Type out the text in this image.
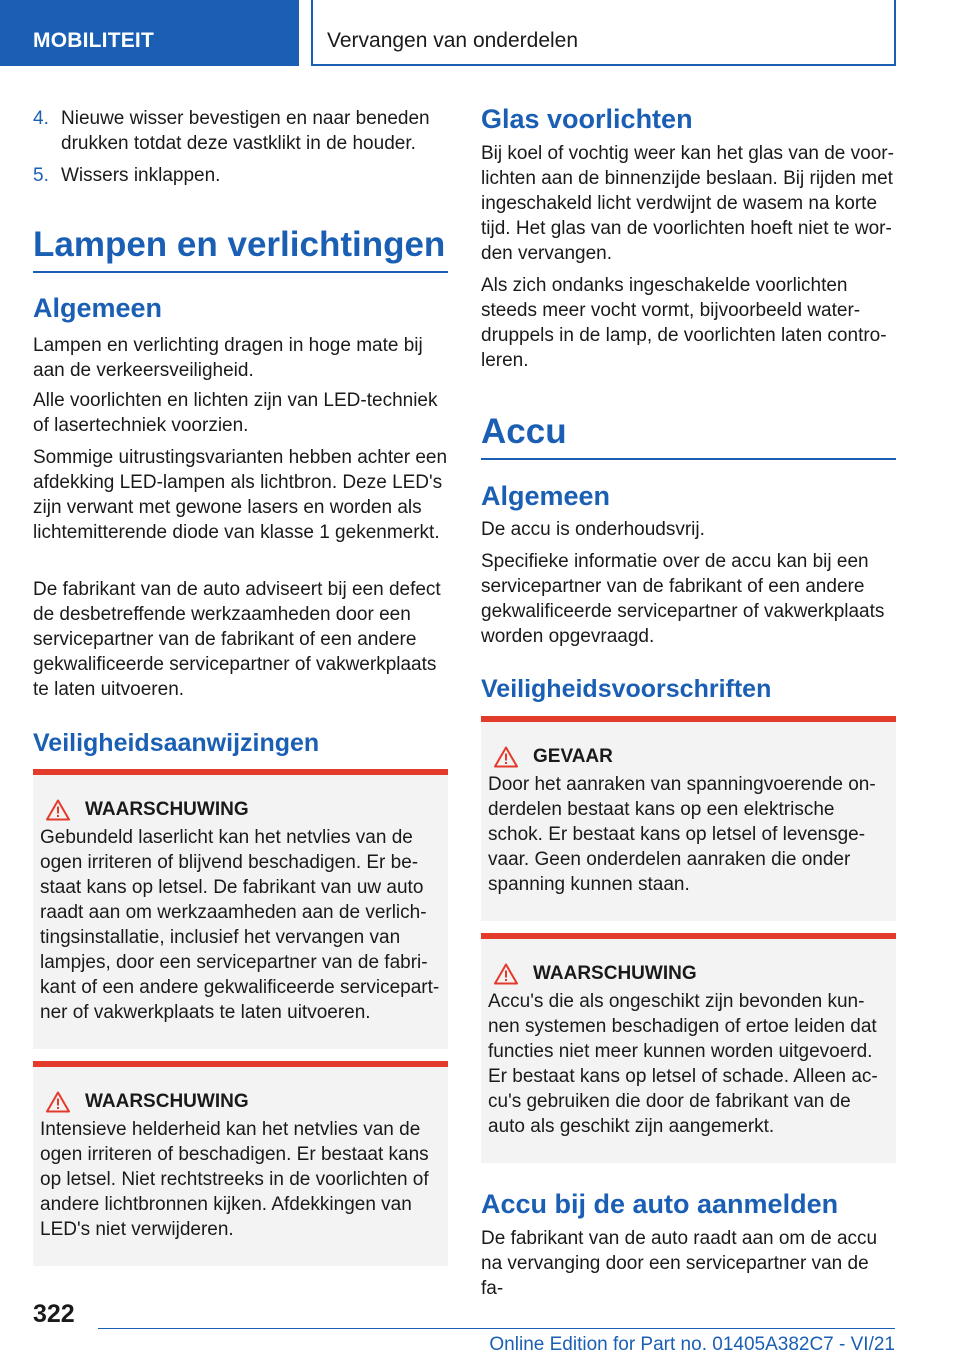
MOBILITEIT	Vervangen van onderdelen
4. Nieuwe wisser bevestigen en naar beneden drukken totdat deze vastklikt in de houder.
5. Wissers inklappen.
Lampen en verlichtingen
Algemeen
Lampen en verlichting dragen in hoge mate bij aan de verkeersveiligheid.
Alle voorlichten en lichten zijn van LED-techniek of lasertechniek voorzien.
Sommige uitrustingsvarianten hebben achter een afdekking LED-lampen als lichtbron. Deze LED's zijn verwant met gewone lasers en worden als lichtemitterende diode van klasse 1 gekenmerkt.
De fabrikant van de auto adviseert bij een defect de desbetreffende werkzaamheden door een servicepartner van de fabrikant of een andere gekwalificeerde servicepartner of vakwerkplaats te laten uitvoeren.
Veiligheidsaanwijzingen
WAARSCHUWING
Gebundeld laserlicht kan het netvlies van de ogen irriteren of blijvend beschadigen. Er bestaat kans op letsel. De fabrikant van uw auto raadt aan om werkzaamheden aan de verlichtingsinstallatie, inclusief het vervangen van lampjes, door een servicepartner van de fabrikant of een andere gekwalificeerde servicepartner of vakwerkplaats te laten uitvoeren.
WAARSCHUWING
Intensieve helderheid kan het netvlies van de ogen irriteren of beschadigen. Er bestaat kans op letsel. Niet rechtstreeks in de voorlichten of andere lichtbronnen kijken. Afdekkingen van LED's niet verwijderen.
Glas voorlichten
Bij koel of vochtig weer kan het glas van de voorlichten aan de binnenzijde beslaan. Bij rijden met ingeschakeld licht verdwijnt de wasem na korte tijd. Het glas van de voorlichten hoeft niet te worden vervangen.
Als zich ondanks ingeschakelde voorlichten steeds meer vocht vormt, bijvoorbeeld waterdruppels in de lamp, de voorlichten laten controleren.
Accu
Algemeen
De accu is onderhoudsvrij.
Specifieke informatie over de accu kan bij een servicepartner van de fabrikant of een andere gekwalificeerde servicepartner of vakwerkplaats worden opgevraagd.
Veiligheidsvoorschriften
GEVAAR
Door het aanraken van spanningvoerende onderdelen bestaat kans op een elektrische schok. Er bestaat kans op letsel of levensgevaar. Geen onderdelen aanraken die onder spanning kunnen staan.
WAARSCHUWING
Accu's die als ongeschikt zijn bevonden kunnen systemen beschadigen of ertoe leiden dat functies niet meer kunnen worden uitgevoerd. Er bestaat kans op letsel of schade. Alleen accu's gebruiken die door de fabrikant van de auto als geschikt zijn aangemerkt.
Accu bij de auto aanmelden
De fabrikant van de auto raadt aan om de accu na vervanging door een servicepartner van de fa-
322
Online Edition for Part no. 01405A382C7 - VI/21
